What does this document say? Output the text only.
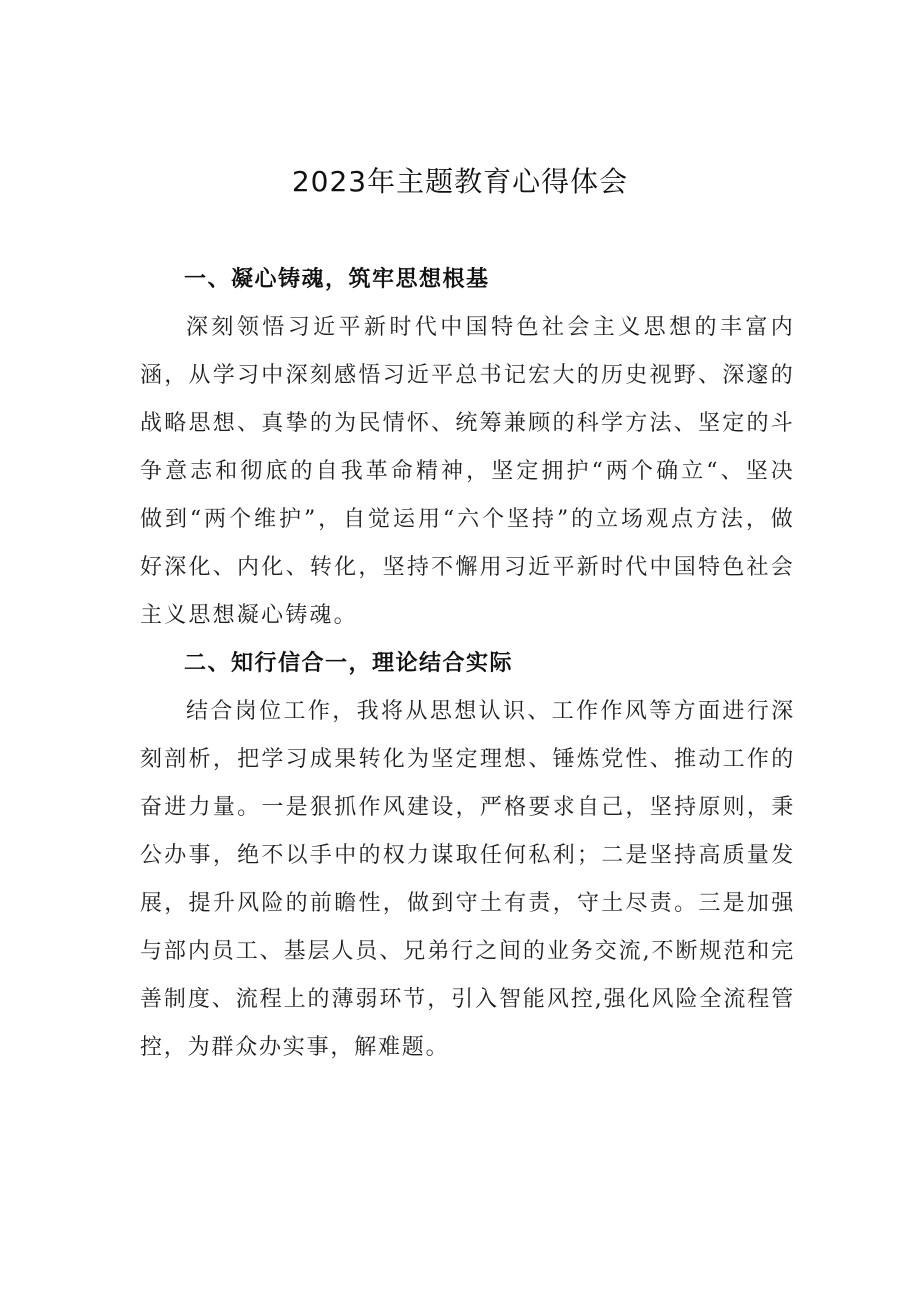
2023年主题教育心得体会
一、凝心铸魂，筑牢思想根基

深刻领悟习近平新时代中国特色社会主义思想的丰富内涵，从学习中深刻感悟习近平总书记宏大的历史视野、深邃的战略思想、真挚的为民情怀、统筹兼顾的科学方法、坚定的斗争意志和彻底的自我革命精神，坚定拥护“两个确立“、坚决做到“两个维护”，自觉运用“六个坚持”的立场观点方法，做好深化、内化、转化，坚持不懈用习近平新时代中国特色社会主义思想凝心铸魂。

二、知行信合一，理论结合实际

结合岗位工作，我将从思想认识、工作作风等方面进行深刻剖析，把学习成果转化为坚定理想、锤炼党性、推动工作的奋进力量。一是狠抓作风建设，严格要求自己，坚持原则，秉公办事，绝不以手中的权力谋取任何私利；二是坚持高质量发展，提升风险的前瞻性，做到守土有责，守土尽责。三是加强与部内员工、基层人员、兄弟行之间的业务交流,不断规范和完善制度、流程上的薄弱环节，引入智能风控,强化风险全流程管控，为群众办实事，解难题。
